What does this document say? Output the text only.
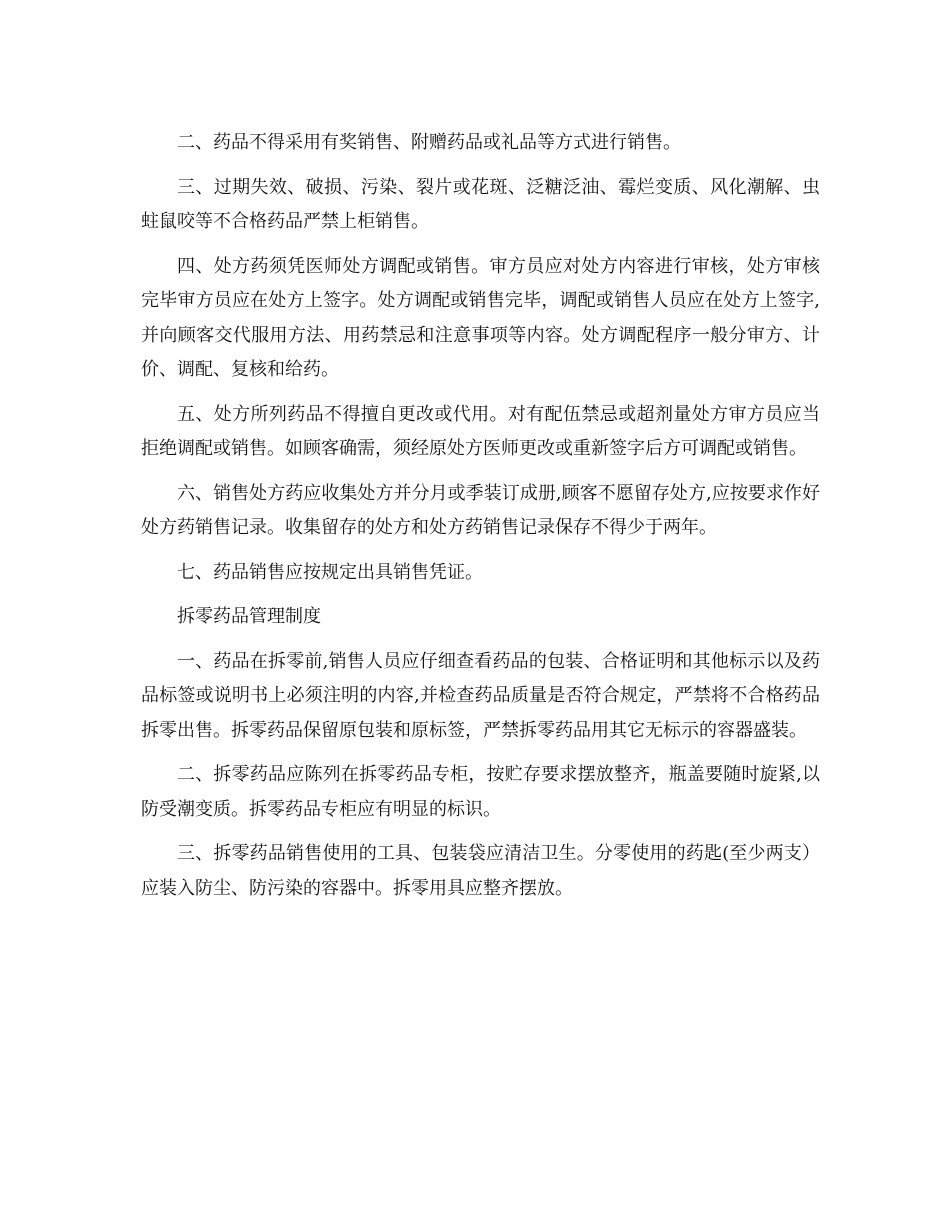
二、药品不得采用有奖销售、附赠药品或礼品等方式进行销售。

三、过期失效、破损、污染、裂片或花斑、泛糖泛油、霉烂变质、风化潮解、虫蛀鼠咬等不合格药品严禁上柜销售。

四、处方药须凭医师处方调配或销售。审方员应对处方内容进行审核，处方审核完毕审方员应在处方上签字。处方调配或销售完毕，调配或销售人员应在处方上签字,并向顾客交代服用方法、用药禁忌和注意事项等内容。处方调配程序一般分审方、计价、调配、复核和给药。

五、处方所列药品不得擅自更改或代用。对有配伍禁忌或超剂量处方审方员应当拒绝调配或销售。如顾客确需，须经原处方医师更改或重新签字后方可调配或销售。

六、销售处方药应收集处方并分月或季装订成册,顾客不愿留存处方,应按要求作好处方药销售记录。收集留存的处方和处方药销售记录保存不得少于两年。

七、药品销售应按规定出具销售凭证。

拆零药品管理制度

一、药品在拆零前,销售人员应仔细查看药品的包装、合格证明和其他标示以及药品标签或说明书上必须注明的内容,并检查药品质量是否符合规定，严禁将不合格药品拆零出售。拆零药品保留原包装和原标签，严禁拆零药品用其它无标示的容器盛装。

二、拆零药品应陈列在拆零药品专柜，按贮存要求摆放整齐，瓶盖要随时旋紧,以防受潮变质。拆零药品专柜应有明显的标识。

三、拆零药品销售使用的工具、包装袋应清洁卫生。分零使用的药匙(至少两支）应装入防尘、防污染的容器中。拆零用具应整齐摆放。
